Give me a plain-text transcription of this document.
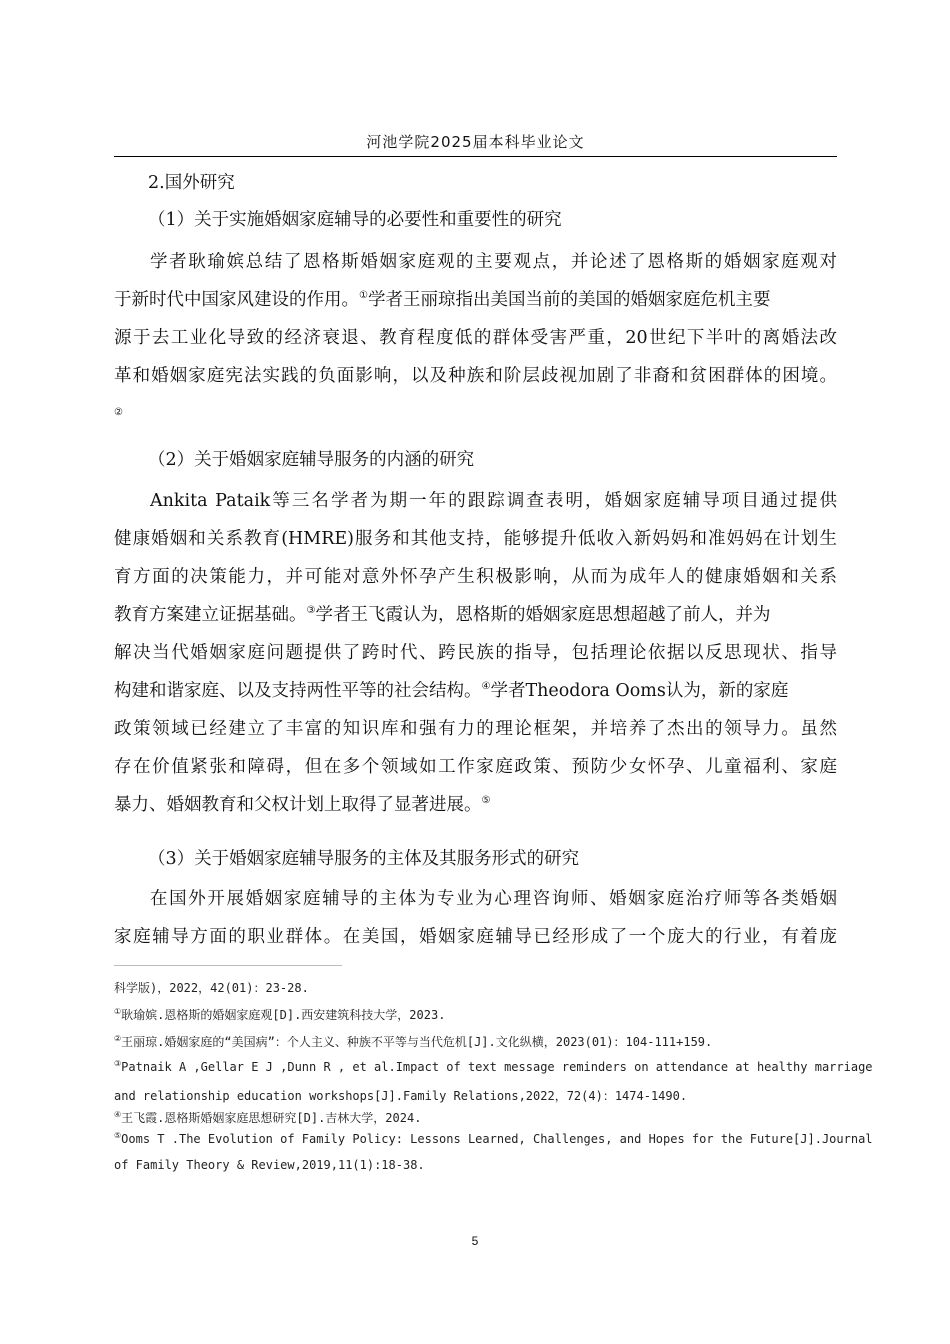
河池学院2025届本科毕业论文
2.国外研究
（1）关于实施婚姻家庭辅导的必要性和重要性的研究
学者耿瑜嫔总结了恩格斯婚姻家庭观的主要观点，并论述了恩格斯的婚姻家庭观对
于新时代中国家风建设的作用。①学者王丽琼指出美国当前的美国的婚姻家庭危机主要
源于去工业化导致的经济衰退、教育程度低的群体受害严重，20世纪下半叶的离婚法改
革和婚姻家庭宪法实践的负面影响，以及种族和阶层歧视加剧了非裔和贫困群体的困境。
②
（2）关于婚姻家庭辅导服务的内涵的研究
Ankita Pataik等三名学者为期一年的跟踪调查表明，婚姻家庭辅导项目通过提供
健康婚姻和关系教育(HMRE)服务和其他支持，能够提升低收入新妈妈和准妈妈在计划生
育方面的决策能力，并可能对意外怀孕产生积极影响，从而为成年人的健康婚姻和关系
教育方案建立证据基础。③学者王飞霞认为，恩格斯的婚姻家庭思想超越了前人，并为
解决当代婚姻家庭问题提供了跨时代、跨民族的指导，包括理论依据以反思现状、指导
构建和谐家庭、以及支持两性平等的社会结构。④学者Theodora Ooms认为，新的家庭
政策领域已经建立了丰富的知识库和强有力的理论框架，并培养了杰出的领导力。虽然
存在价值紧张和障碍，但在多个领域如工作家庭政策、预防少女怀孕、儿童福利、家庭
暴力、婚姻教育和父权计划上取得了显著进展。⑤
（3）关于婚姻家庭辅导服务的主体及其服务形式的研究
在国外开展婚姻家庭辅导的主体为专业为心理咨询师、婚姻家庭治疗师等各类婚姻
家庭辅导方面的职业群体。在美国，婚姻家庭辅导已经形成了一个庞大的行业，有着庞
科学版)，2022，42(01)：23-28.
①耿瑜嫔.恩格斯的婚姻家庭观[D].西安建筑科技大学，2023.
②王丽琼.婚姻家庭的“美国病”：个人主义、种族不平等与当代危机[J].文化纵横，2023(01)：104-111+159.
③Patnaik A ,Gellar E J ,Dunn R , et al.Impact of text message reminders on attendance at healthy marriage
and relationship education workshops[J].Family Relations,2022，72(4)：1474-1490.
④王飞霞.恩格斯婚姻家庭思想研究[D].吉林大学，2024.
⑤Ooms T .The Evolution of Family Policy: Lessons Learned, Challenges, and Hopes for the Future[J].Journal
of Family Theory & Review,2019,11(1):18-38.
5
